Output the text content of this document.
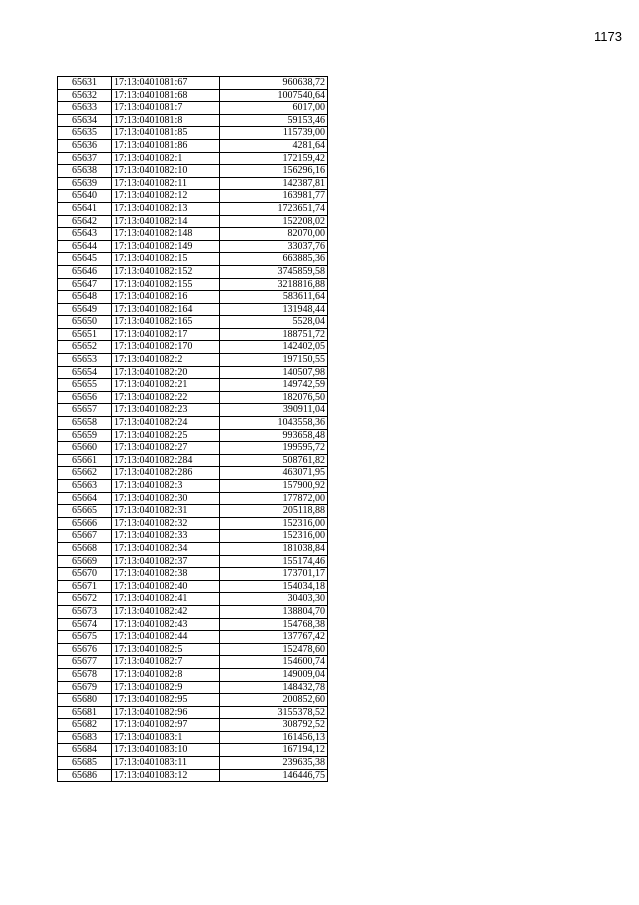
1173
65631	17:13:0401081:67	960638,72
65632	17:13:0401081:68	1007540,64
65633	17:13:0401081:7	6017,00
65634	17:13:0401081:8	59153,46
65635	17:13:0401081:85	115739,00
65636	17:13:0401081:86	4281,64
65637	17:13:0401082:1	172159,42
65638	17:13:0401082:10	156296,16
65639	17:13:0401082:11	142387,81
65640	17:13:0401082:12	163981,77
65641	17:13:0401082:13	1723651,74
65642	17:13:0401082:14	152208,02
65643	17:13:0401082:148	82070,00
65644	17:13:0401082:149	33037,76
65645	17:13:0401082:15	663885,36
65646	17:13:0401082:152	3745859,58
65647	17:13:0401082:155	3218816,88
65648	17:13:0401082:16	583611,64
65649	17:13:0401082:164	131948,44
65650	17:13:0401082:165	5528,04
65651	17:13:0401082:17	188751,72
65652	17:13:0401082:170	142402,05
65653	17:13:0401082:2	197150,55
65654	17:13:0401082:20	140507,98
65655	17:13:0401082:21	149742,59
65656	17:13:0401082:22	182076,50
65657	17:13:0401082:23	390911,04
65658	17:13:0401082:24	1043558,36
65659	17:13:0401082:25	993658,48
65660	17:13:0401082:27	199595,72
65661	17:13:0401082:284	508761,82
65662	17:13:0401082:286	463071,95
65663	17:13:0401082:3	157900,92
65664	17:13:0401082:30	177872,00
65665	17:13:0401082:31	205118,88
65666	17:13:0401082:32	152316,00
65667	17:13:0401082:33	152316,00
65668	17:13:0401082:34	181038,84
65669	17:13:0401082:37	155174,46
65670	17:13:0401082:38	173701,17
65671	17:13:0401082:40	154034,18
65672	17:13:0401082:41	30403,30
65673	17:13:0401082:42	138804,70
65674	17:13:0401082:43	154768,38
65675	17:13:0401082:44	137767,42
65676	17:13:0401082:5	152478,60
65677	17:13:0401082:7	154600,74
65678	17:13:0401082:8	149009,04
65679	17:13:0401082:9	148432,78
65680	17:13:0401082:95	200852,60
65681	17:13:0401082:96	3155378,52
65682	17:13:0401082:97	308792,52
65683	17:13:0401083:1	161456,13
65684	17:13:0401083:10	167194,12
65685	17:13:0401083:11	239635,38
65686	17:13:0401083:12	146446,75
